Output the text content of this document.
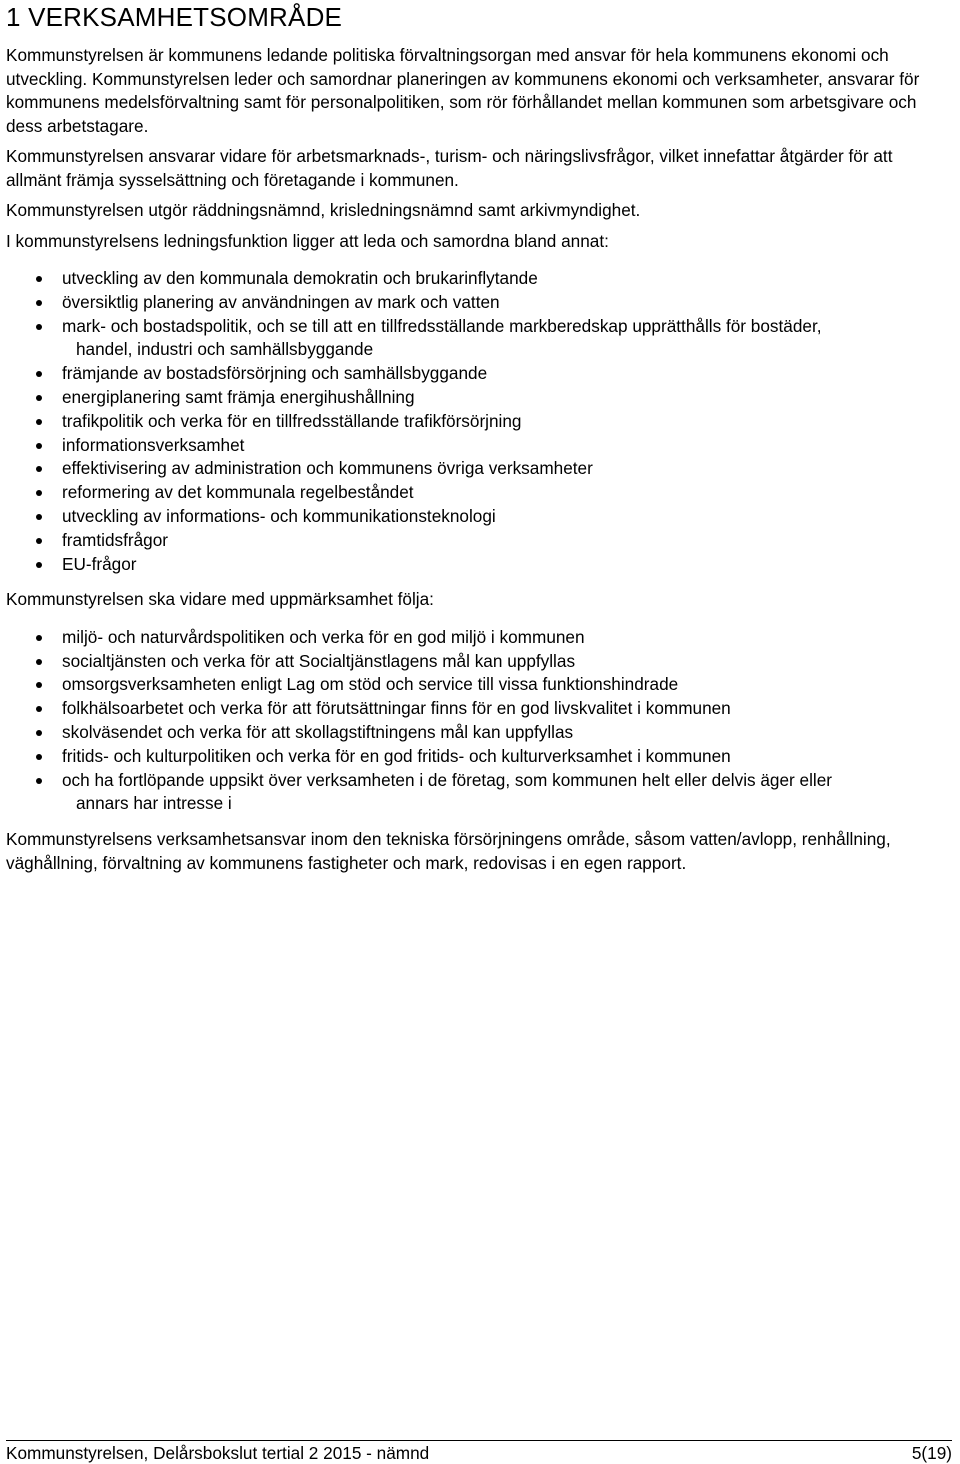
1 VERKSAMHETSOMRÅDE

Kommunstyrelsen är kommunens ledande politiska förvaltningsorgan med ansvar för hela kommunens ekonomi och utveckling. Kommunstyrelsen leder och samordnar planeringen av kommunens ekonomi och verksamheter, ansvarar för kommunens medelsförvaltning samt för personalpolitiken, som rör förhållandet mellan kommunen som arbetsgivare och dess arbetstagare.

Kommunstyrelsen ansvarar vidare för arbetsmarknads-, turism- och näringslivsfrågor, vilket innefattar åtgärder för att allmänt främja sysselsättning och företagande i kommunen.

Kommunstyrelsen utgör räddningsnämnd, krisledningsnämnd samt arkivmyndighet.

I kommunstyrelsens ledningsfunktion ligger att leda och samordna bland annat:

utveckling av den kommunala demokratin och brukarinflytande
översiktlig planering av användningen av mark och vatten
mark- och bostadspolitik, och se till att en tillfredsställande markberedskap upprätthålls för bostäder,
handel, industri och samhällsbyggande
främjande av bostadsförsörjning och samhällsbyggande
energiplanering samt främja energihushållning
trafikpolitik och verka för en tillfredsställande trafikförsörjning
informationsverksamhet
effektivisering av administration och kommunens övriga verksamheter
reformering av det kommunala regelbeståndet
utveckling av informations- och kommunikationsteknologi
framtidsfrågor
EU-frågor

Kommunstyrelsen ska vidare med uppmärksamhet följa:

miljö- och naturvårdspolitiken och verka för en god miljö i kommunen
socialtjänsten och verka för att Socialtjänstlagens mål kan uppfyllas
omsorgsverksamheten enligt Lag om stöd och service till vissa funktionshindrade
folkhälsoarbetet och verka för att förutsättningar finns för en god livskvalitet i kommunen
skolväsendet och verka för att skollagstiftningens mål kan uppfyllas
fritids- och kulturpolitiken och verka för en god fritids- och kulturverksamhet i kommunen
och ha fortlöpande uppsikt över verksamheten i de företag, som kommunen helt eller delvis äger eller
annars har intresse i

Kommunstyrelsens verksamhetsansvar inom den tekniska försörjningens område, såsom vatten/avlopp, renhållning, väghållning, förvaltning av kommunens fastigheter och mark, redovisas i en egen rapport.

Kommunstyrelsen, Delårsbokslut tertial 2 2015 - nämnd	5(19)
